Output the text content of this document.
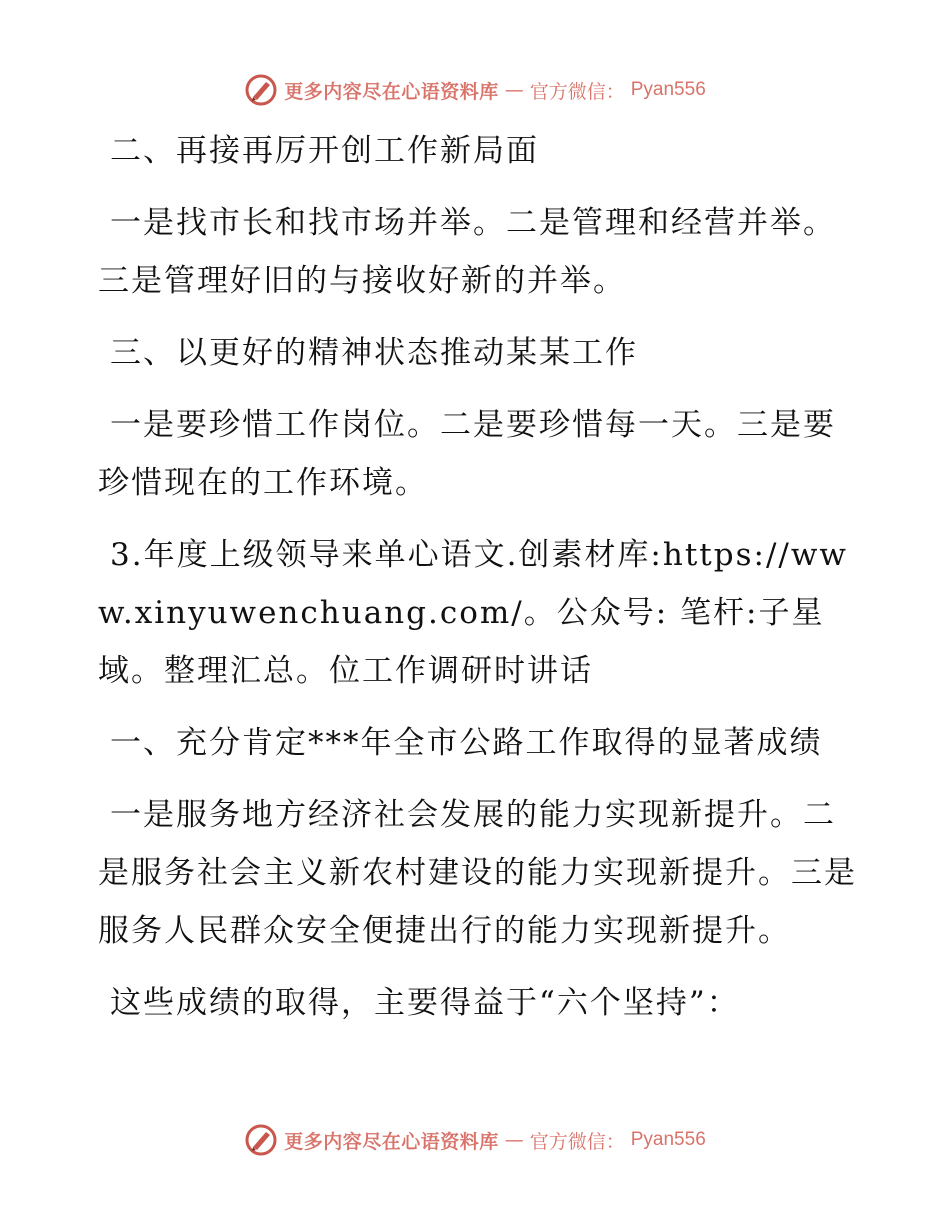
更多内容尽在心语资料库 — 官方微信： Pyan556

二、再接再厉开创工作新局面

一是找市长和找市场并举。二是管理和经营并举。三是管理好旧的与接收好新的并举。

三、以更好的精神状态推动某某工作

一是要珍惜工作岗位。二是要珍惜每一天。三是要珍惜现在的工作环境。

3.年度上级领导来单心语文.创素材库:https://www.xinyuwenchuang.com/。公众号: 笔杆:子星域。整理汇总。位工作调研时讲话

一、充分肯定***年全市公路工作取得的显著成绩

一是服务地方经济社会发展的能力实现新提升。二是服务社会主义新农村建设的能力实现新提升。三是服务人民群众安全便捷出行的能力实现新提升。

这些成绩的取得，主要得益于“六个坚持”：

更多内容尽在心语资料库 — 官方微信： Pyan556
